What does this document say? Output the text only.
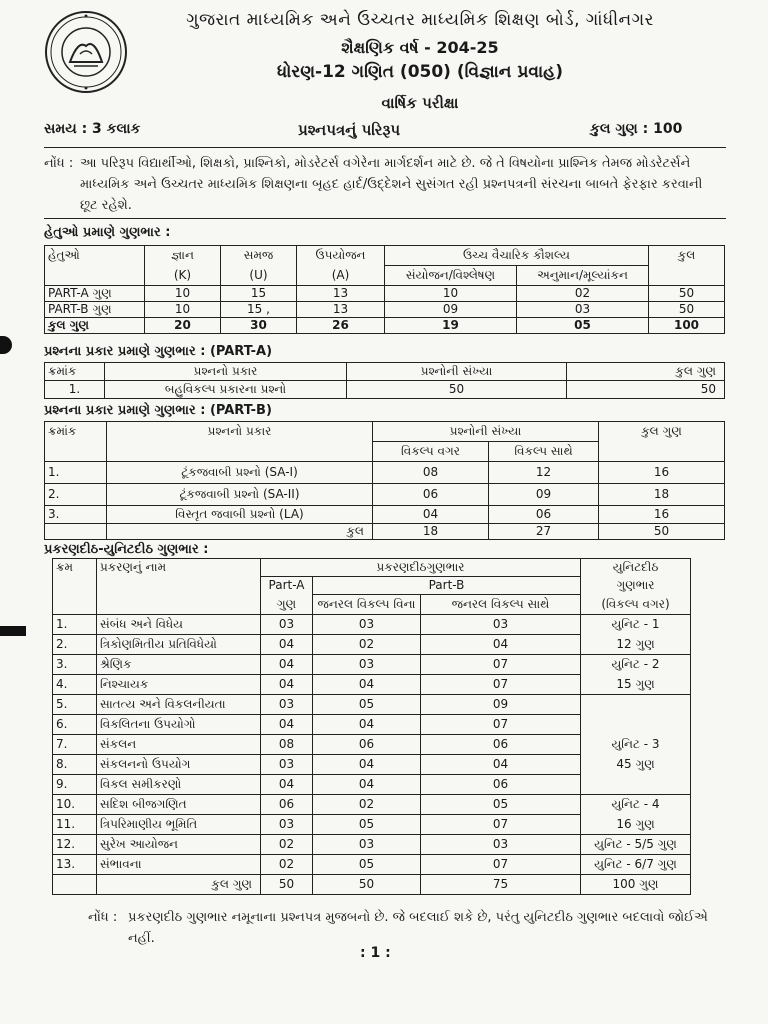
ગુજરાત માધ્યમિક અને ઉચ્ચતર માધ્યમિક શિક્ષણ બોર્ડ, ગાંધીનગર
શૈક્ષણિક વર્ષ - 204-25
ધોરણ-12 ગણિત (050) (વિજ્ઞાન પ્રવાહ)
વાર્ષિક પરીક્ષા
સમય : 3 કલાક	પ્રશ્નપત્રનું પરિરૂપ	કુલ ગુણ : 100
નોંધ : આ પરિરૂપ વિદ્યાર્થીઓ, શિક્ષકો, પ્રાશ્નિકો, મોડરેટર્સ વગેરેના માર્ગદર્શન માટે છે. જે તે વિષયોના પ્રાશ્નિક તેમજ મોડરેટર્સને માધ્યમિક અને ઉચ્ચતર માધ્યમિક શિક્ષણના બૃહદ હાર્દ/ઉદ્દેશને સુસંગત રહી પ્રશ્નપત્રની સંરચના બાબતે ફેરફાર કરવાની છૂટ રહેશે.
હેતુઓ પ્રમાણે ગુણભાર :
હેતુઓ	જ્ઞાન	સમજ	ઉપયોજન	ઉચ્ચ વૈચારિક કૌશલ્ય		કુલ
	(K)	(U)	(A)	સંયોજન/વિશ્લેષણ	અનુમાન/મૂલ્યાંકન	
PART-A ગુણ	10	15	13	10	02	50
PART-B ગુણ	10	15 ,	13	09	03	50
કુલ ગુણ	20	30	26	19	05	100
પ્રશ્નના પ્રકાર પ્રમાણે ગુણભાર : (PART-A)
ક્રમાંક	પ્રશ્નનો પ્રકાર	પ્રશ્નોની સંખ્યા	કુલ ગુણ
1.	બહુવિકલ્પ પ્રકારના પ્રશ્નો	50	50
પ્રશ્નના પ્રકાર પ્રમાણે ગુણભાર : (PART-B)
ક્રમાંક	પ્રશ્નનો પ્રકાર	પ્રશ્નોની સંખ્યા		કુલ ગુણ
		વિકલ્પ વગર	વિકલ્પ સાથે	
1.	ટૂંકજવાબી પ્રશ્નો (SA-I)	08	12	16
2.	ટૂંકજવાબી પ્રશ્નો (SA-II)	06	09	18
3.	વિસ્તૃત જવાબી પ્રશ્નો (LA)	04	06	16
	કુલ	18	27	50
પ્રકરણદીઠ-યુનિટદીઠ ગુણભાર :
ક્રમ	પ્રકરણનું નામ	પ્રકરણદીઠગુણભાર			યુનિટદીઠ
		Part-A	Part-B		ગુણભાર
		ગુણ	જનરલ વિકલ્પ વિના	જનરલ વિકલ્પ સાથે	(વિકલ્પ વગર)
1.	સંબંધ અને વિધેય	03	03	03	યુનિટ - 1
2.	ત્રિકોણમિતીય પ્રતિવિધેયો	04	02	04	12 ગુણ
3.	શ્રેણિક	04	03	07	યુનિટ - 2
4.	નિશ્ચાયક	04	04	07	15 ગુણ
5.	સાતત્ય અને વિકલનીયતા	03	05	09	
6.	વિકલિતના ઉપયોગો	04	04	07	
7.	સંકલન	08	06	06	યુનિટ - 3
8.	સંકલનનો ઉપયોગ	03	04	04	45 ગુણ
9.	વિકલ સમીકરણો	04	04	06	
10.	સદિશ બીજગણિત	06	02	05	યુનિટ - 4
11.	ત્રિપરિમાણીય ભૂમિતિ	03	05	07	16 ગુણ
12.	સુરેખ આયોજન	02	03	03	યુનિટ - 5/5 ગુણ
13.	સંભાવના	02	05	07	યુનિટ - 6/7 ગુણ
	કુલ ગુણ	50	50	75	100 ગુણ
નોંધ : પ્રકરણદીઠ ગુણભાર નમૂનાના પ્રશ્નપત્ર મુજબનો છે. જે બદલાઈ શકે છે, પરંતુ યુનિટદીઠ ગુણભાર બદલાવો જોઈએ નહીં.
: 1 :
